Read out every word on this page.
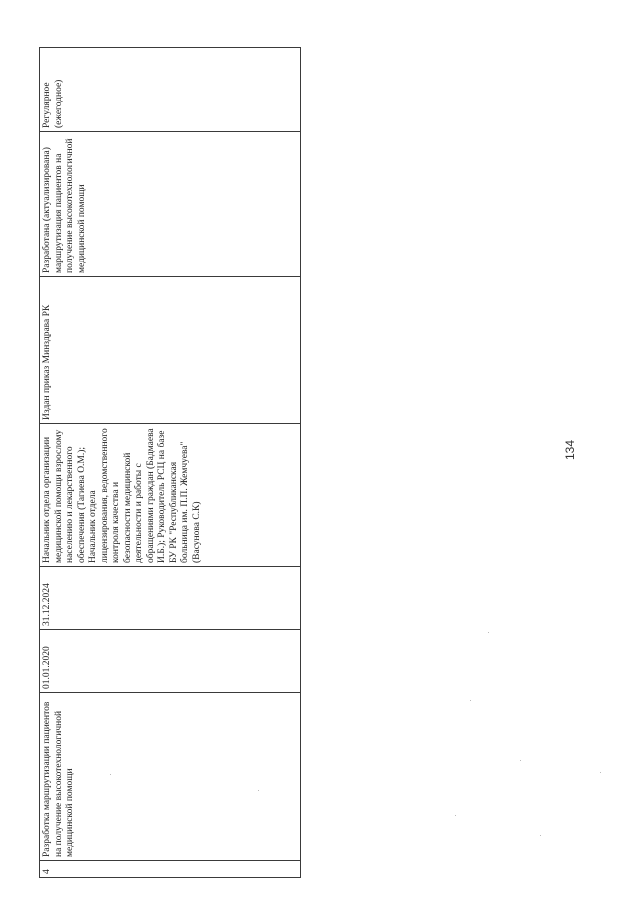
4	Разработка маршрутизации пациентов на получение высокотехнологичной медицинской помощи	01.01.2020	31.12.2024	Начальник отдела организации медицинской помощи взрослому населению и лекарственного обеспечения (Тагиева О.М.); Начальник отдела лицензирования, ведомственного контроля качества и безопасности медицинской деятельности и работы с обращениями граждан (Бадмаева И.Б.); Руководитель РСЦ на базе БУ РК "Республиканская больница им. П.П. Жемчуева" (Васунова С.К)	Издан приказ Минздрава РК	Разработана (актуализирована) маршрутизация пациентов на получение высокотехнологичной медицинской помощи	Регулярное (ежегодное)
134
